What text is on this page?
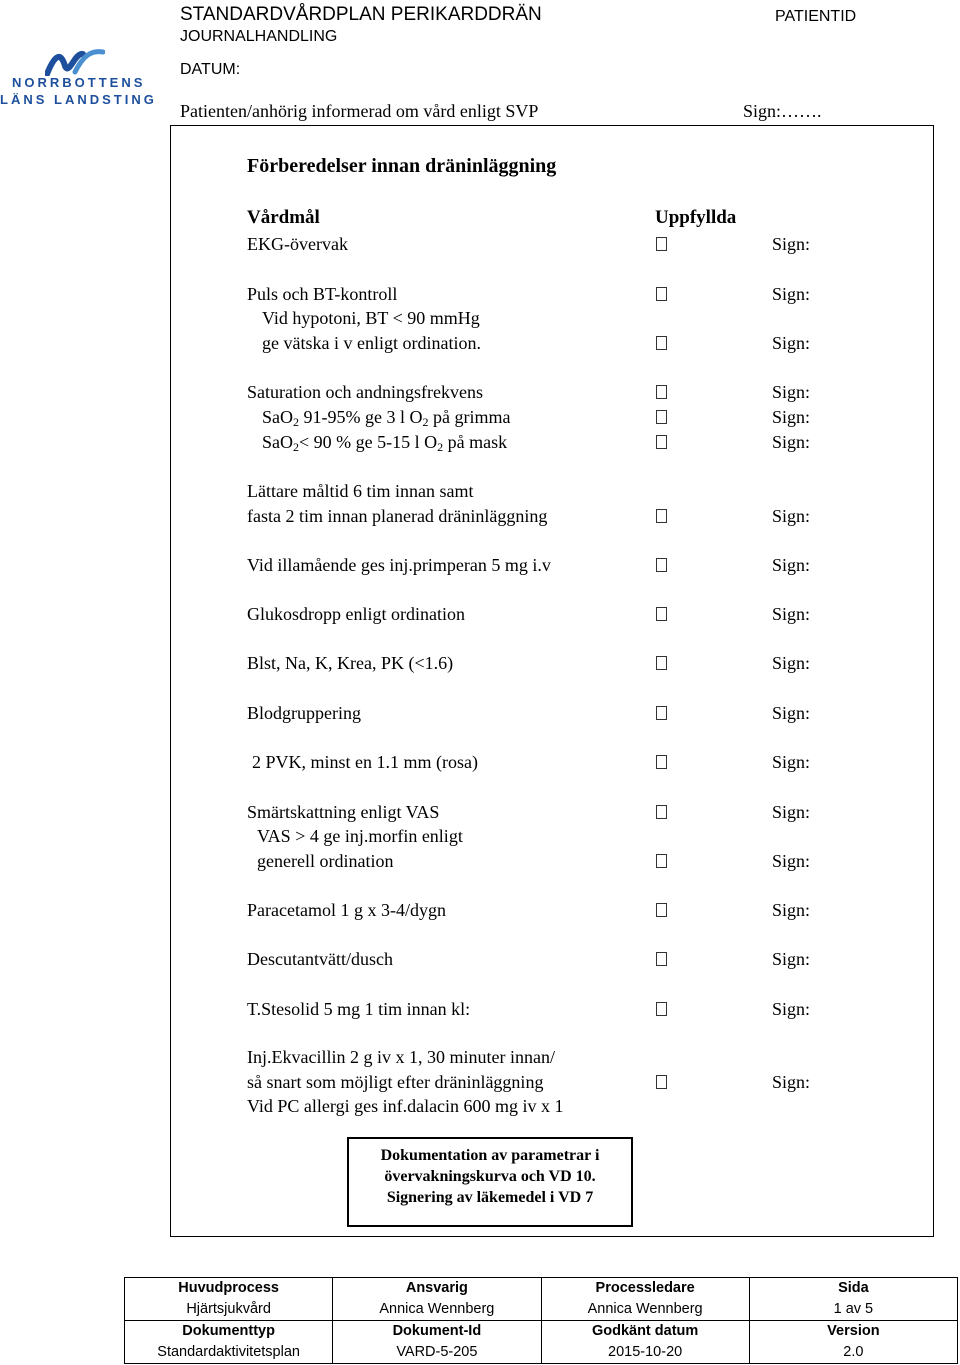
NORRBOTTENS
LÄNS LANDSTING
STANDARDVÅRDPLAN PERIKARDDRÄN
JOURNALHANDLING
DATUM:
PATIENTID
Patienten/anhörig informerad om vård enligt SVP	Sign:…….
Förberedelser innan dräninläggning
Vårdmål	Uppfyllda
EKG-övervak	Sign:
Puls och BT-kontroll	Sign:
Vid hypotoni, BT < 90 mmHg
ge vätska i v enligt ordination.	Sign:
Saturation och andningsfrekvens	Sign:
SaO2 91-95% ge 3 l O2 på grimma	Sign:
SaO2< 90 % ge 5-15 l O2 på mask	Sign:
Lättare måltid 6 tim innan samt
fasta 2 tim innan planerad dräninläggning	Sign:
Vid illamående ges inj.primperan 5 mg i.v	Sign:
Glukosdropp enligt ordination	Sign:
Blst, Na, K, Krea, PK (<1.6)	Sign:
Blodgruppering	Sign:
2 PVK, minst en 1.1 mm (rosa)	Sign:
Smärtskattning enligt VAS	Sign:
VAS > 4 ge inj.morfin enligt
generell ordination	Sign:
Paracetamol 1 g x 3-4/dygn	Sign:
Descutantvätt/dusch	Sign:
T.Stesolid 5 mg 1 tim innan kl:	Sign:
Inj.Ekvacillin 2 g iv x 1, 30 minuter innan/
så snart som möjligt efter dräninläggning
Vid PC allergi ges inf.dalacin 600 mg iv x 1
Sign:
Dokumentation av parametrar i
övervakningskurva och VD 10.
Signering av läkemedel i VD 7
Huvudprocess	Ansvarig	Processledare	Sida
Hjärtsjukvård	Annica Wennberg	Annica Wennberg	1 av 5
Dokumenttyp	Dokument-Id	Godkänt datum	Version
Standardaktivitetsplan	VARD-5-205	2015-10-20	2.0
